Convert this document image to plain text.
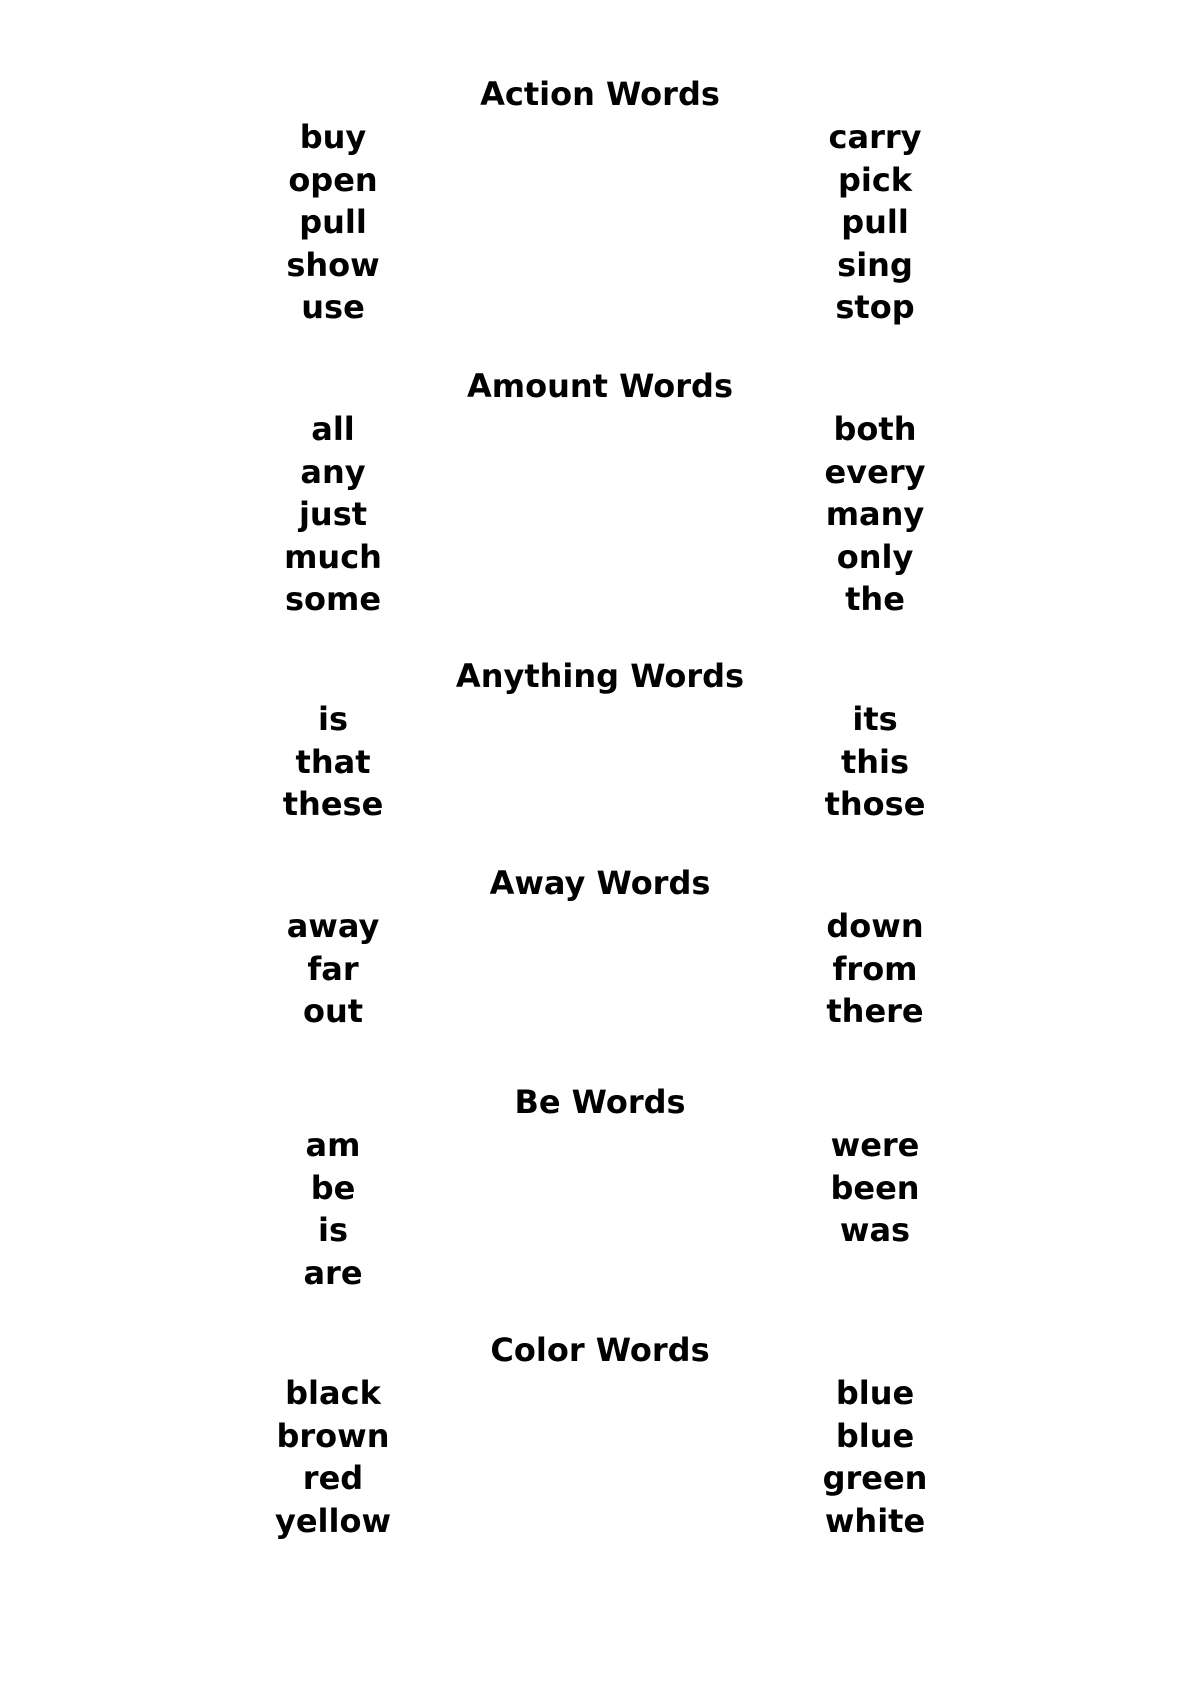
Action Words
buy
open
pull
show
use
carry
pick
pull
sing
stop
Amount Words
all
any
just
much
some
both
every
many
only
the
Anything Words
is
that
these
its
this
those
Away Words
away
far
out
down
from
there
Be Words
am
be
is
are
were
been
was
Color Words
black
brown
red
yellow
blue
blue
green
white
